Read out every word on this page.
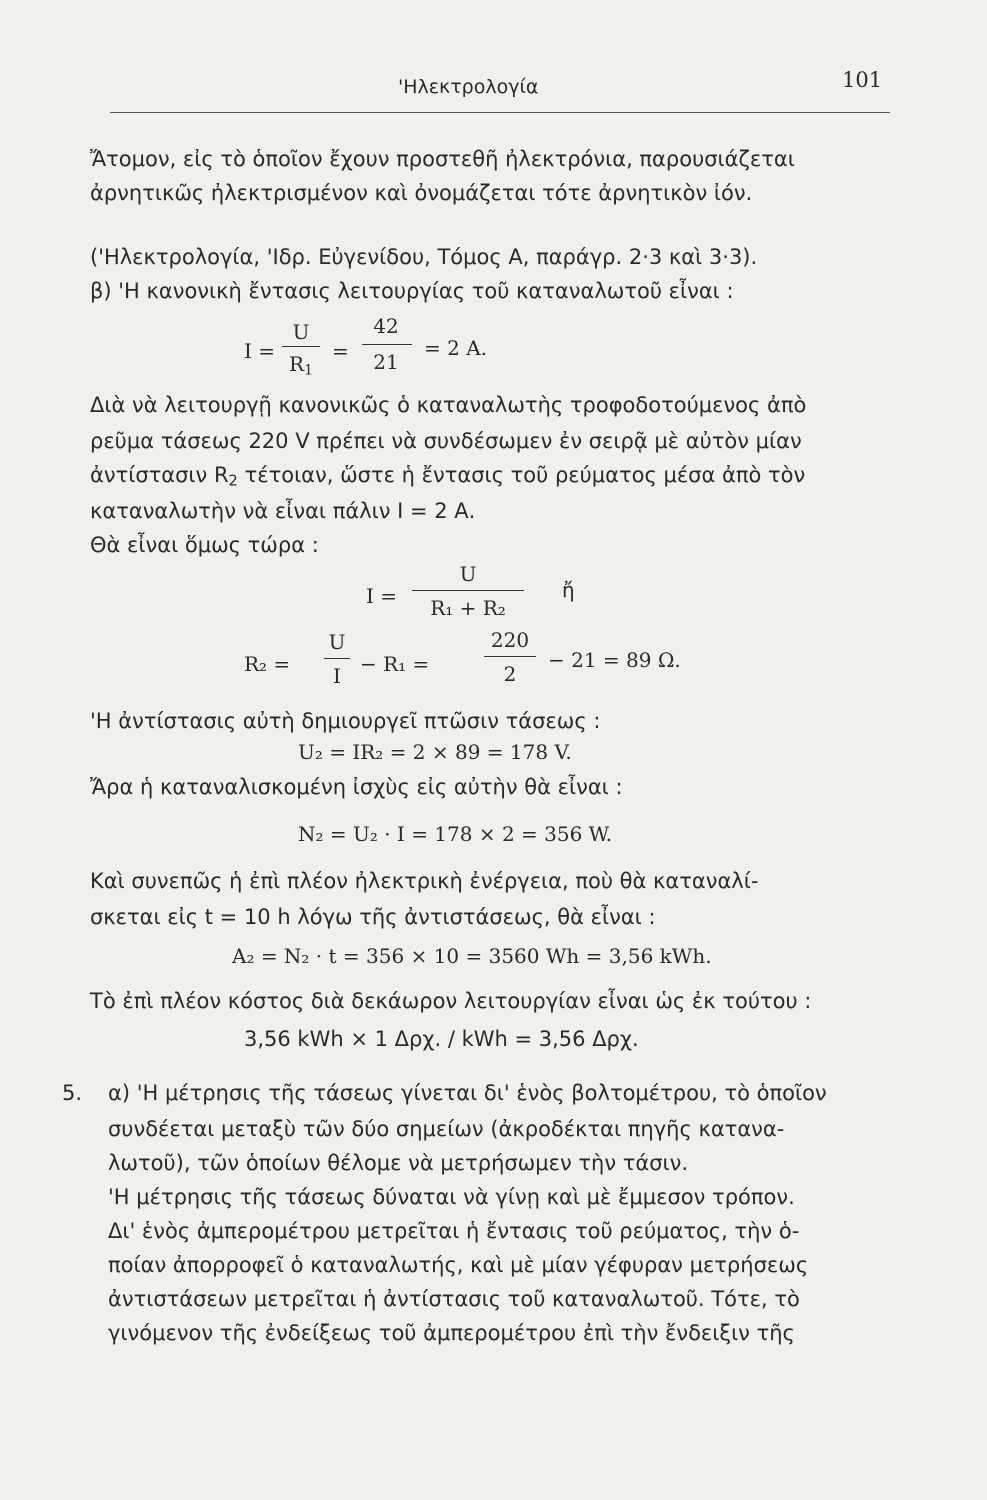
'Ηλεκτρολογία	101
Ἄτομον, εἰς τὸ ὁποῖον ἔχουν προστεθῆ ἠλεκτρόνια, παρουσιάζεται
ἀρνητικῶς ἠλεκτρισμένον καὶ ὀνομάζεται τότε ἀρνητικὸν ἰόν.
('Ηλεκτρολογία, 'Ιδρ. Εὐγενίδου, Τόμος Α, παράγρ. 2·3 καὶ 3·3).
β) 'Η κανονικὴ ἔντασις λειτουργίας τοῦ καταναλωτοῦ εἶναι :
I =
U
$R_1$
=
42
21
= 2 A.
Διὰ νὰ λειτουργῇ κανονικῶς ὁ καταναλωτὴς τροφοδοτούμενος ἀπὸ
ρεῦμα τάσεως 220 V πρέπει νὰ συνδέσωμεν ἐν σειρᾷ μὲ αὐτὸν μίαν
ἀντίστασιν $R_2$ τέτοιαν, ὥστε ἡ ἔντασις τοῦ ρεύματος μέσα ἀπὸ τὸν
καταναλωτὴν νὰ εἶναι πάλιν Ι = 2 Α.
Θὰ εἶναι ὅμως τώρα :
I =
U
R₁ + R₂
ἤ
R₂ =
U
I − R₁ =
220
2
− 21 = 89 Ω.
'Η ἀντίστασις αὐτὴ δημιουργεῖ πτῶσιν τάσεως :
U₂ = IR₂ = 2 × 89 = 178 V.
Ἄρα ἡ καταναλισκομένη ἰσχὺς εἰς αὐτὴν θὰ εἶναι :
N₂ = U₂ · I = 178 × 2 = 356 W.
Καὶ συνεπῶς ἡ ἐπὶ πλέον ἠλεκτρικὴ ἐνέργεια, ποὺ θὰ καταναλί-
σκεται εἰς t = 10 h λόγω τῆς ἀντιστάσεως, θὰ εἶναι :
A₂ = N₂ · t = 356 × 10 = 3560 Wh = 3,56 kWh.
Τὸ ἐπὶ πλέον κόστος διὰ δεκάωρον λειτουργίαν εἶναι ὡς ἐκ τούτου :
3,56 kWh × 1 Δρχ. / kWh = 3,56 Δρχ.
5. α) 'Η μέτρησις τῆς τάσεως γίνεται δι' ἑνὸς βολτομέτρου, τὸ ὁποῖον
συνδέεται μεταξὺ τῶν δύο σημείων (ἀκροδέκται πηγῆς κατανα-
λωτοῦ), τῶν ὁποίων θέλομε νὰ μετρήσωμεν τὴν τάσιν.
'Η μέτρησις τῆς τάσεως δύναται νὰ γίνῃ καὶ μὲ ἔμμεσον τρόπον.
Δι' ἑνὸς ἀμπερομέτρου μετρεῖται ἡ ἔντασις τοῦ ρεύματος, τὴν ὁ-
ποίαν ἀπορροφεῖ ὁ καταναλωτής, καὶ μὲ μίαν γέφυραν μετρήσεως
ἀντιστάσεων μετρεῖται ἡ ἀντίστασις τοῦ καταναλωτοῦ. Τότε, τὸ
γινόμενον τῆς ἐνδείξεως τοῦ ἀμπερομέτρου ἐπὶ τὴν ἔνδειξιν τῆς
